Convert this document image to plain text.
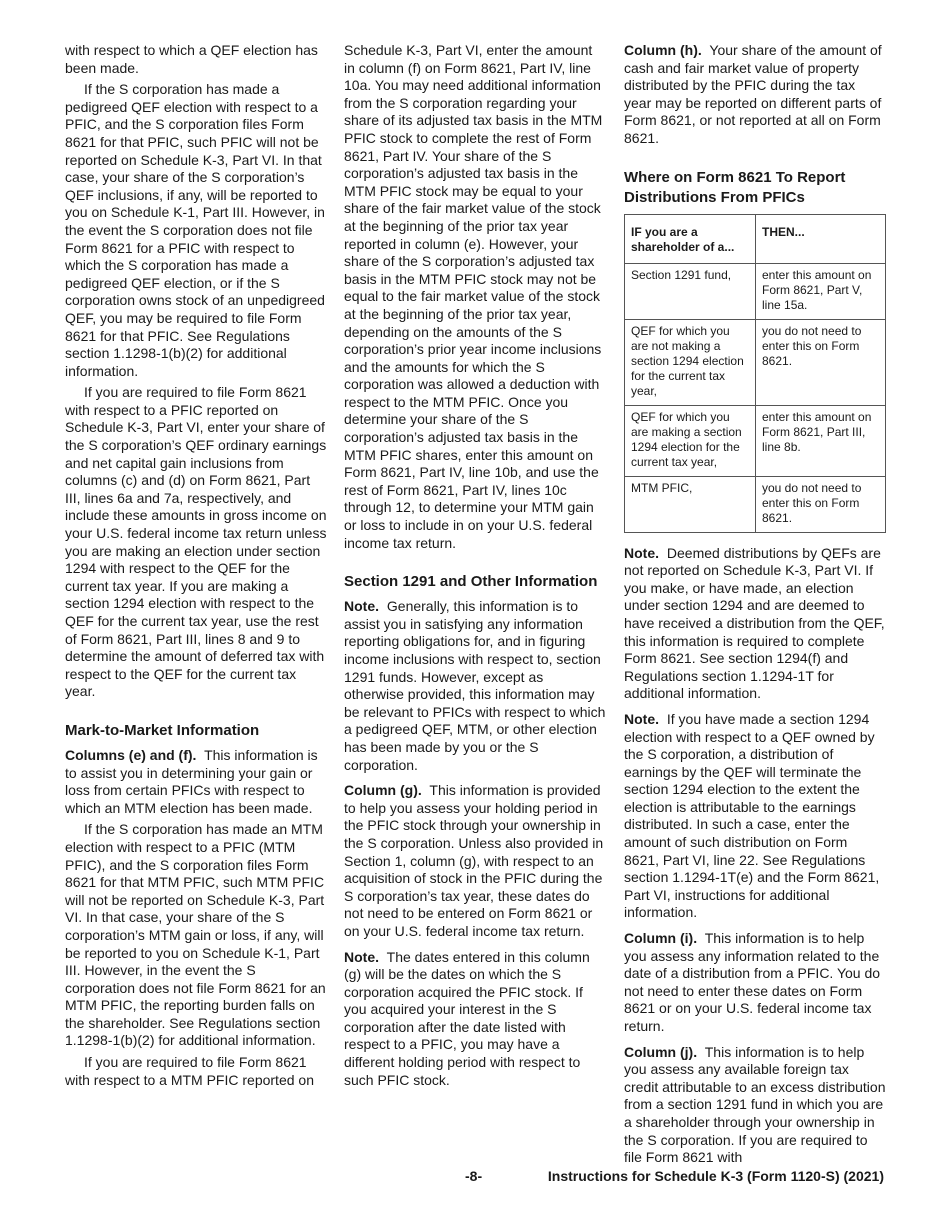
with respect to which a QEF election has been made.

If the S corporation has made a pedigreed QEF election with respect to a PFIC, and the S corporation files Form 8621 for that PFIC, such PFIC will not be reported on Schedule K-3, Part VI. In that case, your share of the S corporation’s QEF inclusions, if any, will be reported to you on Schedule K-1, Part III. However, in the event the S corporation does not file Form 8621 for a PFIC with respect to which the S corporation has made a pedigreed QEF election, or if the S corporation owns stock of an unpedigreed QEF, you may be required to file Form 8621 for that PFIC. See Regulations section 1.1298-1(b)(2) for additional information.

If you are required to file Form 8621 with respect to a PFIC reported on Schedule K-3, Part VI, enter your share of the S corporation’s QEF ordinary earnings and net capital gain inclusions from columns (c) and (d) on Form 8621, Part III, lines 6a and 7a, respectively, and include these amounts in gross income on your U.S. federal income tax return unless you are making an election under section 1294 with respect to the QEF for the current tax year. If you are making a section 1294 election with respect to the QEF for the current tax year, use the rest of Form 8621, Part III, lines 8 and 9 to determine the amount of deferred tax with respect to the QEF for the current tax year.

Mark-to-Market Information

Columns (e) and (f). This information is to assist you in determining your gain or loss from certain PFICs with respect to which an MTM election has been made.

If the S corporation has made an MTM election with respect to a PFIC (MTM PFIC), and the S corporation files Form 8621 for that MTM PFIC, such MTM PFIC will not be reported on Schedule K-3, Part VI. In that case, your share of the S corporation’s MTM gain or loss, if any, will be reported to you on Schedule K-1, Part III. However, in the event the S corporation does not file Form 8621 for an MTM PFIC, the reporting burden falls on the shareholder. See Regulations section 1.1298-1(b)(2) for additional information.

If you are required to file Form 8621 with respect to a MTM PFIC reported on

Schedule K-3, Part VI, enter the amount in column (f) on Form 8621, Part IV, line 10a. You may need additional information from the S corporation regarding your share of its adjusted tax basis in the MTM PFIC stock to complete the rest of Form 8621, Part IV. Your share of the S corporation’s adjusted tax basis in the MTM PFIC stock may be equal to your share of the fair market value of the stock at the beginning of the prior tax year reported in column (e). However, your share of the S corporation’s adjusted tax basis in the MTM PFIC stock may not be equal to the fair market value of the stock at the beginning of the prior tax year, depending on the amounts of the S corporation’s prior year income inclusions and the amounts for which the S corporation was allowed a deduction with respect to the MTM PFIC. Once you determine your share of the S corporation’s adjusted tax basis in the MTM PFIC shares, enter this amount on Form 8621, Part IV, line 10b, and use the rest of Form 8621, Part IV, lines 10c through 12, to determine your MTM gain or loss to include in on your U.S. federal income tax return.

Section 1291 and Other Information

Note. Generally, this information is to assist you in satisfying any information reporting obligations for, and in figuring income inclusions with respect to, section 1291 funds. However, except as otherwise provided, this information may be relevant to PFICs with respect to which a pedigreed QEF, MTM, or other election has been made by you or the S corporation.

Column (g). This information is provided to help you assess your holding period in the PFIC stock through your ownership in the S corporation. Unless also provided in Section 1, column (g), with respect to an acquisition of stock in the PFIC during the S corporation’s tax year, these dates do not need to be entered on Form 8621 or on your U.S. federal income tax return.

Note. The dates entered in this column (g) will be the dates on which the S corporation acquired the PFIC stock. If you acquired your interest in the S corporation after the date listed with respect to a PFIC, you may have a different holding period with respect to such PFIC stock.

Column (h). Your share of the amount of cash and fair market value of property distributed by the PFIC during the tax year may be reported on different parts of Form 8621, or not reported at all on Form 8621.

Where on Form 8621 To Report Distributions From PFICs
IF you are a shareholder of a...	THEN...
Section 1291 fund,	enter this amount on Form 8621, Part V, line 15a.
QEF for which you are not making a section 1294 election for the current tax year,	you do not need to enter this on Form 8621.
QEF for which you are making a section 1294 election for the current tax year,	enter this amount on Form 8621, Part III, line 8b.
MTM PFIC,	you do not need to enter this on Form 8621.

Note. Deemed distributions by QEFs are not reported on Schedule K-3, Part VI. If you make, or have made, an election under section 1294 and are deemed to have received a distribution from the QEF, this information is required to complete Form 8621. See section 1294(f) and Regulations section 1.1294-1T for additional information.

Note. If you have made a section 1294 election with respect to a QEF owned by the S corporation, a distribution of earnings by the QEF will terminate the section 1294 election to the extent the election is attributable to the earnings distributed. In such a case, enter the amount of such distribution on Form 8621, Part VI, line 22. See Regulations section 1.1294-1T(e) and the Form 8621, Part VI, instructions for additional information.

Column (i). This information is to help you assess any information related to the date of a distribution from a PFIC. You do not need to enter these dates on Form 8621 or on your U.S. federal income tax return.

Column (j). This information is to help you assess any available foreign tax credit attributable to an excess distribution from a section 1291 fund in which you are a shareholder through your ownership in the S corporation. If you are required to file Form 8621 with

-8-	Instructions for Schedule K-3 (Form 1120-S) (2021)
